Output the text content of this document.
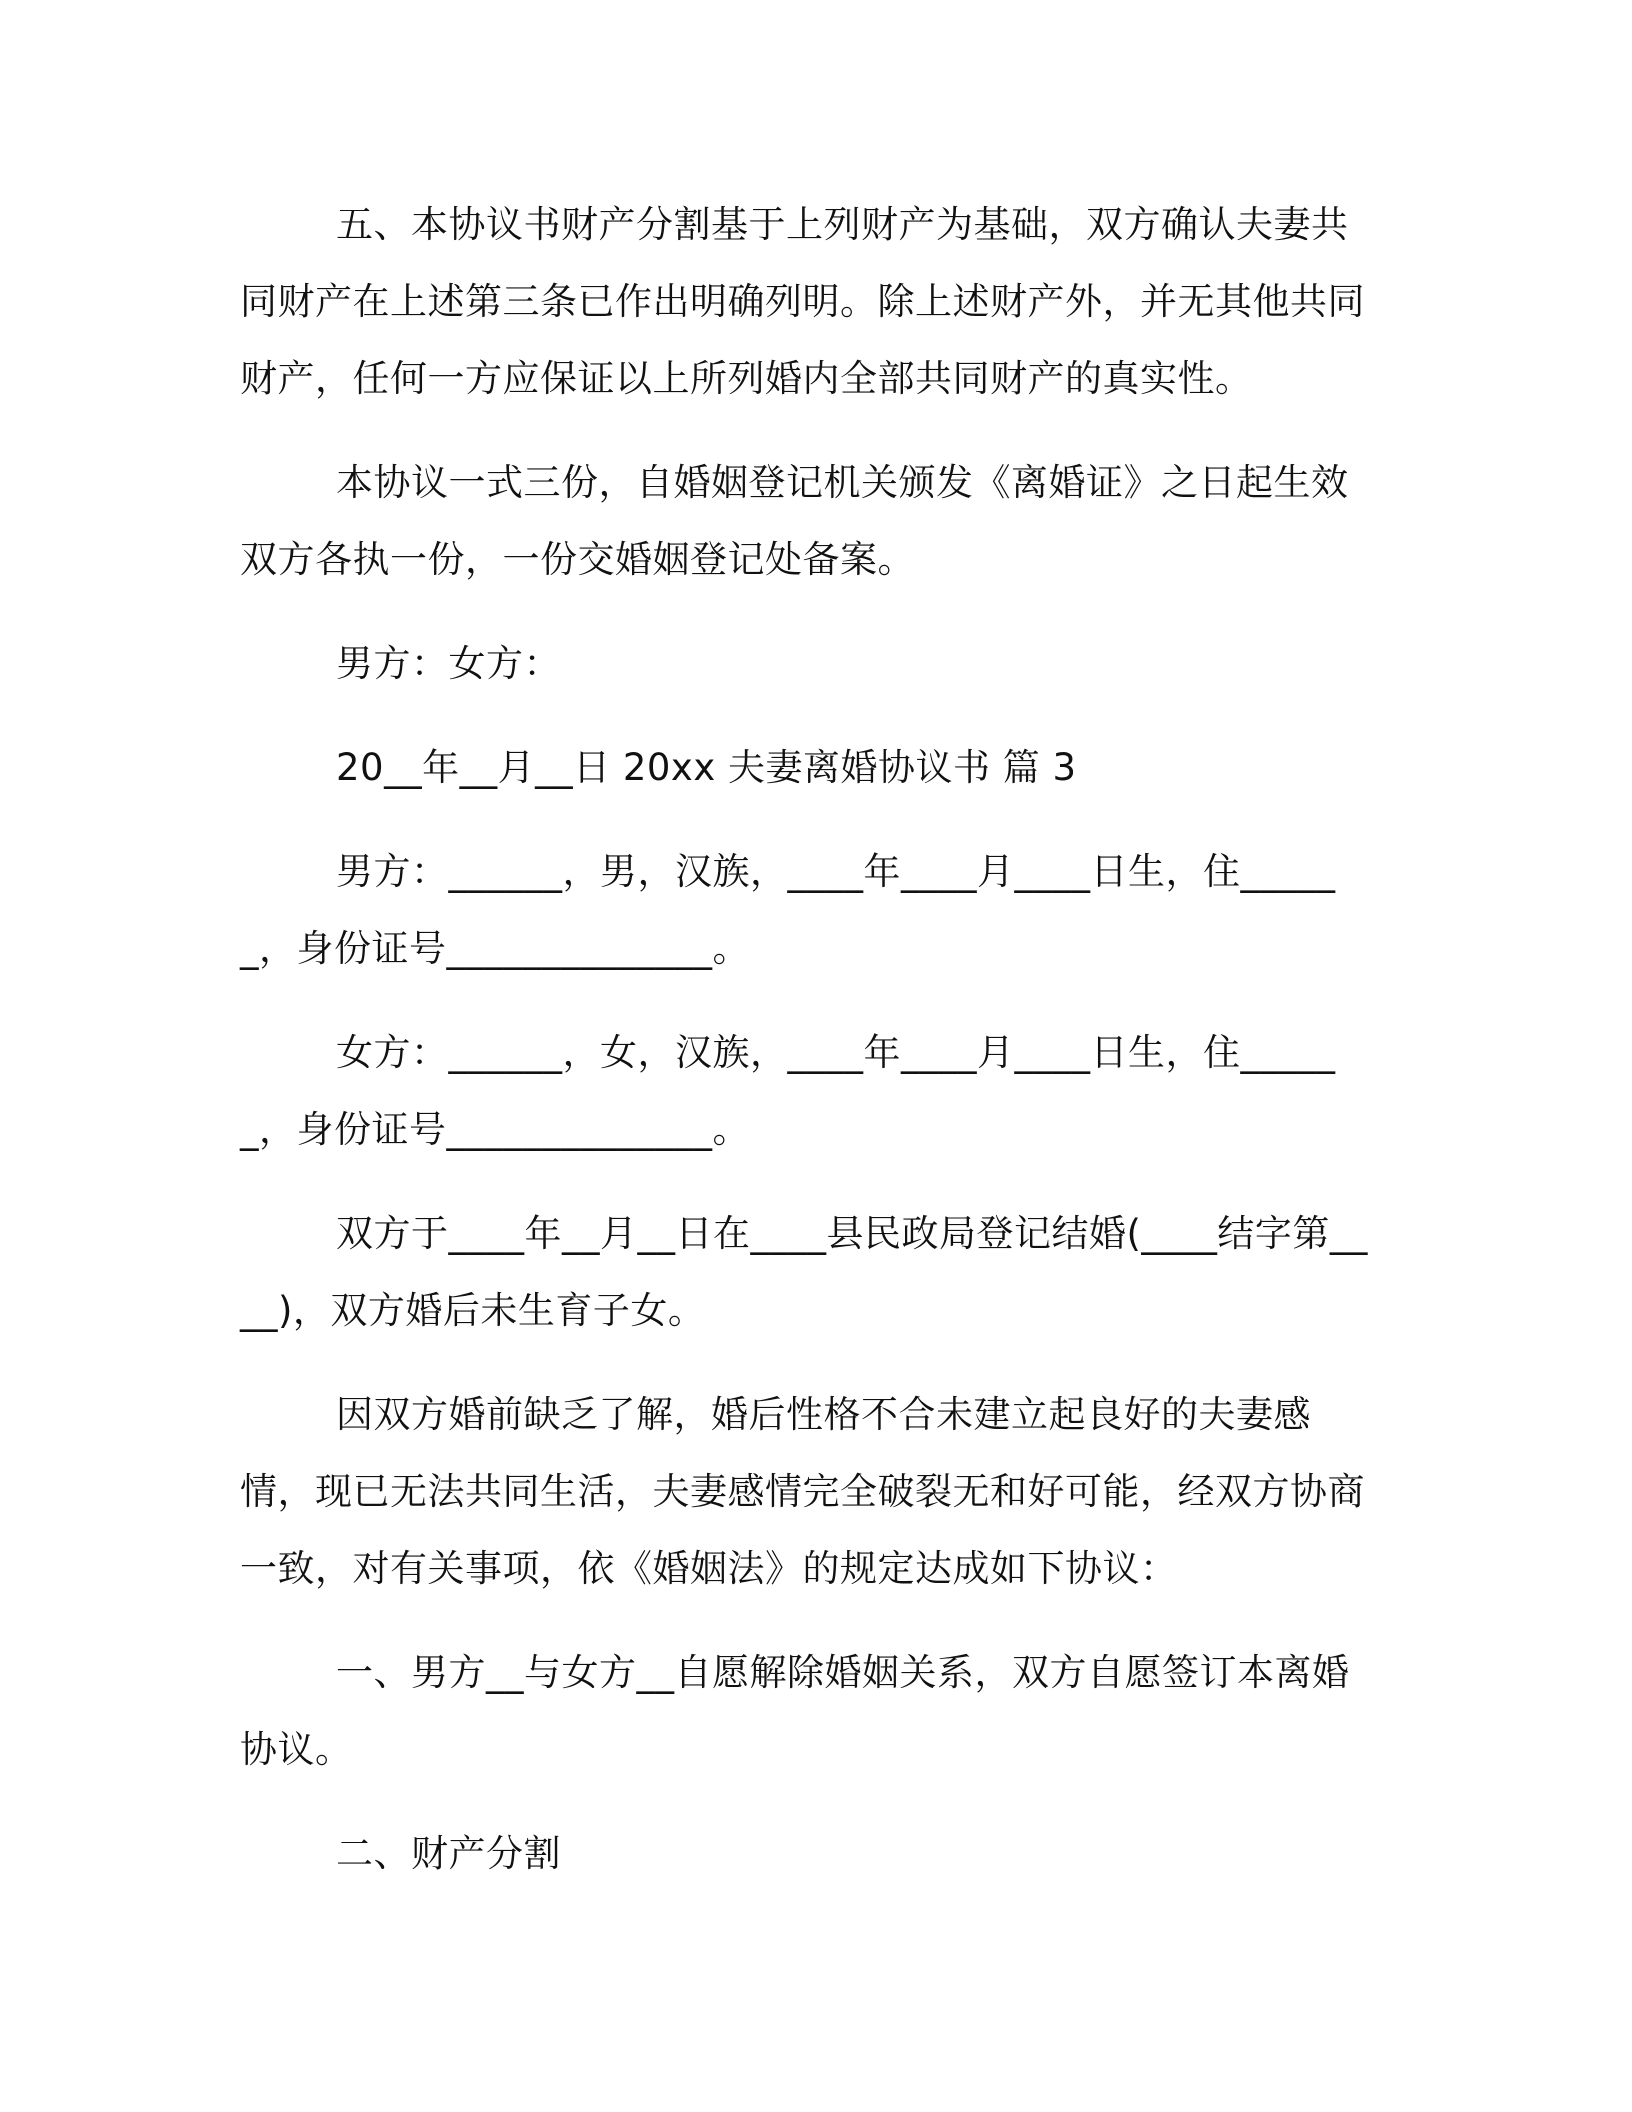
五、本协议书财产分割基于上列财产为基础，双方确认夫妻共同财产在上述第三条已作出明确列明。除上述财产外，并无其他共同财产，任何一方应保证以上所列婚内全部共同财产的真实性。

本协议一式三份，自婚姻登记机关颁发《离婚证》之日起生效双方各执一份，一份交婚姻登记处备案。

男方：女方：

20__年__月__日 20xx 夫妻离婚协议书 篇 3

男方：______，男，汉族，____年____月____日生，住______，身份证号______________。

女方：______，女，汉族，____年____月____日生，住______，身份证号______________。

双方于____年__月__日在____县民政局登记结婚(____结字第____)，双方婚后未生育子女。

因双方婚前缺乏了解，婚后性格不合未建立起良好的夫妻感情，现已无法共同生活，夫妻感情完全破裂无和好可能，经双方协商一致，对有关事项，依《婚姻法》的规定达成如下协议：

一、男方__与女方__自愿解除婚姻关系，双方自愿签订本离婚协议。

二、财产分割
